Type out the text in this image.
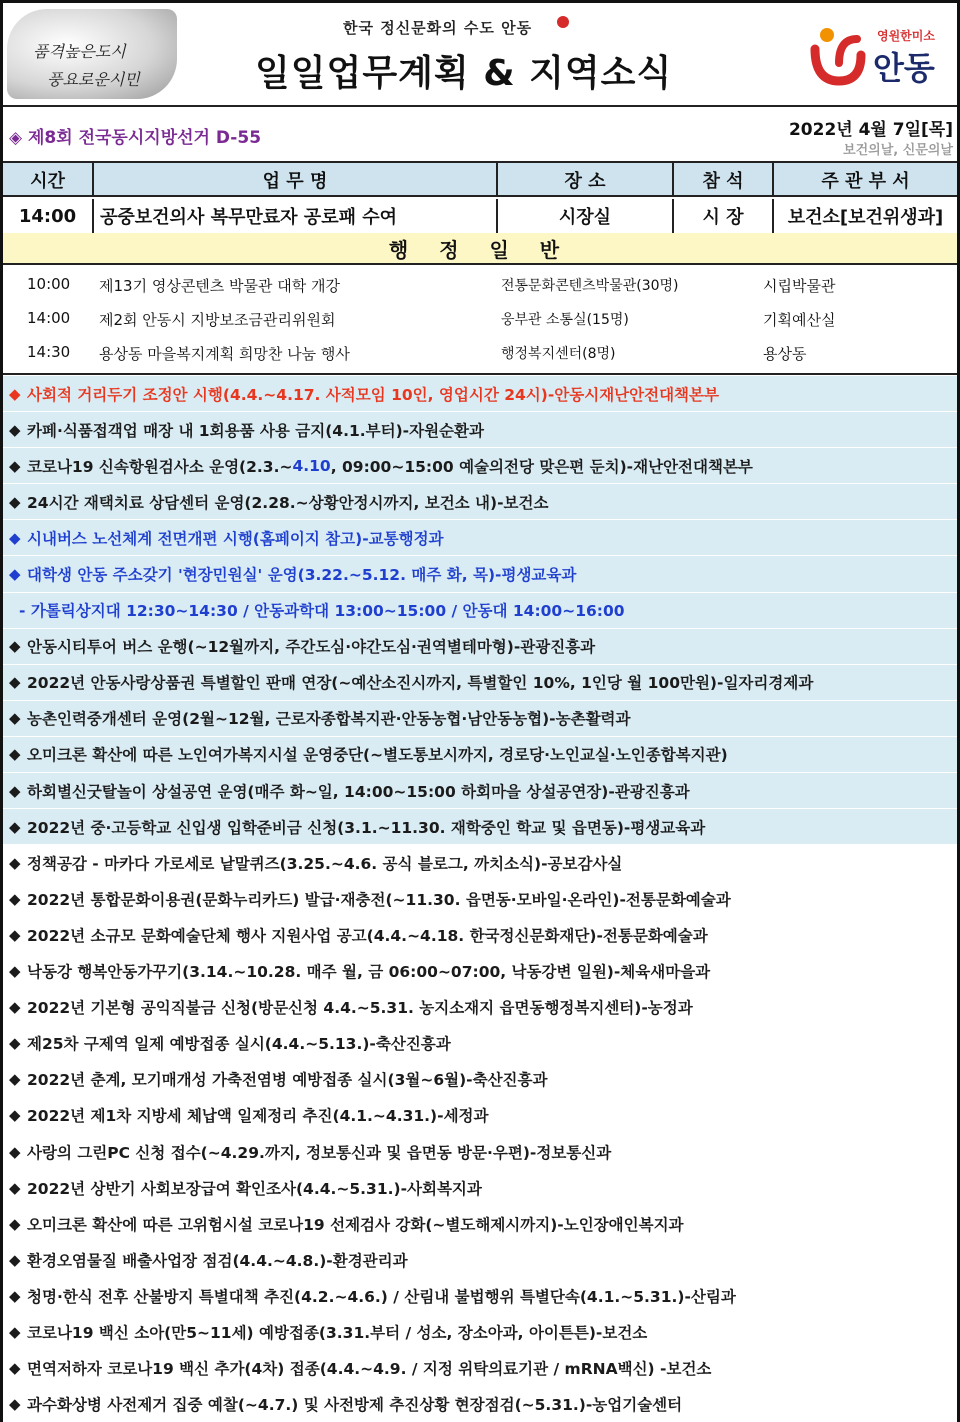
품격높은도시
풍요로운시민
한국 정신문화의 수도 안동
일일업무계획 & 지역소식
영원한미소
안동
◈ 제8회 전국동시지방선거 D-55	2022년 4월 7일[목]
보건의날, 신문의날
시간	업 무 명	장 소	참 석	주 관 부 서
14:00	공중보건의사 복무만료자 공로패 수여	시장실	시 장	보건소[보건위생과]
행 정 일 반
10:00 제13기 영상콘텐츠 박물관 대학 개강	전통문화콘텐츠박물관(30명)	시립박물관
14:00 제2회 안동시 지방보조금관리위원회	웅부관 소통실(15명)	기획예산실
14:30 용상동 마을복지계획 희망찬 나눔 행사	행정복지센터(8명)	용상동
◆ 사회적 거리두기 조정안 시행(4.4.~4.17. 사적모임 10인, 영업시간 24시)-안동시재난안전대책본부
◆ 카페·식품접객업 매장 내 1회용품 사용 금지(4.1.부터)-자원순환과
◆ 코로나19 신속항원검사소 운영(2.3.~ 4.10 , 09:00~15:00 예술의전당 맞은편 둔치)-재난안전대책본부
◆ 24시간 재택치료 상담센터 운영(2.28.~상황안정시까지, 보건소 내)-보건소
◆ 시내버스 노선체계 전면개편 시행(홈페이지 참고)-교통행정과
◆ 대학생 안동 주소갖기 '현장민원실' 운영(3.22.~5.12. 매주 화, 목)-평생교육과
- 가톨릭상지대 12:30~14:30 / 안동과학대 13:00~15:00 / 안동대 14:00~16:00
◆ 안동시티투어 버스 운행(~12월까지, 주간도심·야간도심·권역별테마형)-관광진흥과
◆ 2022년 안동사랑상품권 특별할인 판매 연장(~예산소진시까지, 특별할인 10%, 1인당 월 100만원)-일자리경제과
◆ 농촌인력중개센터 운영(2월~12월, 근로자종합복지관·안동농협·남안동농협)-농촌활력과
◆ 오미크론 확산에 따른 노인여가복지시설 운영중단(~별도통보시까지, 경로당·노인교실·노인종합복지관)
◆ 하회별신굿탈놀이 상설공연 운영(매주 화~일, 14:00~15:00 하회마을 상설공연장)-관광진흥과
◆ 2022년 중·고등학교 신입생 입학준비금 신청(3.1.~11.30. 재학중인 학교 및 읍면동)-평생교육과
◆ 정책공감 - 마카다 가로세로 낱말퀴즈(3.25.~4.6. 공식 블로그, 까치소식)-공보감사실
◆ 2022년 통합문화이용권(문화누리카드) 발급·재충전(~11.30. 읍면동·모바일·온라인)-전통문화예술과
◆ 2022년 소규모 문화예술단체 행사 지원사업 공고(4.4.~4.18. 한국정신문화재단)-전통문화예술과
◆ 낙동강 행복안동가꾸기(3.14.~10.28. 매주 월, 금 06:00~07:00, 낙동강변 일원)-체육새마을과
◆ 2022년 기본형 공익직불금 신청(방문신청 4.4.~5.31. 농지소재지 읍면동행정복지센터)-농정과
◆ 제25차 구제역 일제 예방접종 실시(4.4.~5.13.)-축산진흥과
◆ 2022년 춘계, 모기매개성 가축전염병 예방접종 실시(3월~6월)-축산진흥과
◆ 2022년 제1차 지방세 체납액 일제정리 추진(4.1.~4.31.)-세정과
◆ 사랑의 그린PC 신청 접수(~4.29.까지, 정보통신과 및 읍면동 방문·우편)-정보통신과
◆ 2022년 상반기 사회보장급여 확인조사(4.4.~5.31.)-사회복지과
◆ 오미크론 확산에 따른 고위험시설 코로나19 선제검사 강화(~별도해제시까지)-노인장애인복지과
◆ 환경오염물질 배출사업장 점검(4.4.~4.8.)-환경관리과
◆ 청명·한식 전후 산불방지 특별대책 추진(4.2.~4.6.) / 산림내 불법행위 특별단속(4.1.~5.31.)-산림과
◆ 코로나19 백신 소아(만5~11세) 예방접종(3.31.부터 / 성소, 장소아과, 아이튼튼)-보건소
◆ 면역저하자 코로나19 백신 추가(4차) 접종(4.4.~4.9. / 지정 위탁의료기관 / mRNA백신) -보건소
◆ 과수화상병 사전제거 집중 예찰(~4.7.) 및 사전방제 추진상황 현장점검(~5.31.)-농업기술센터
